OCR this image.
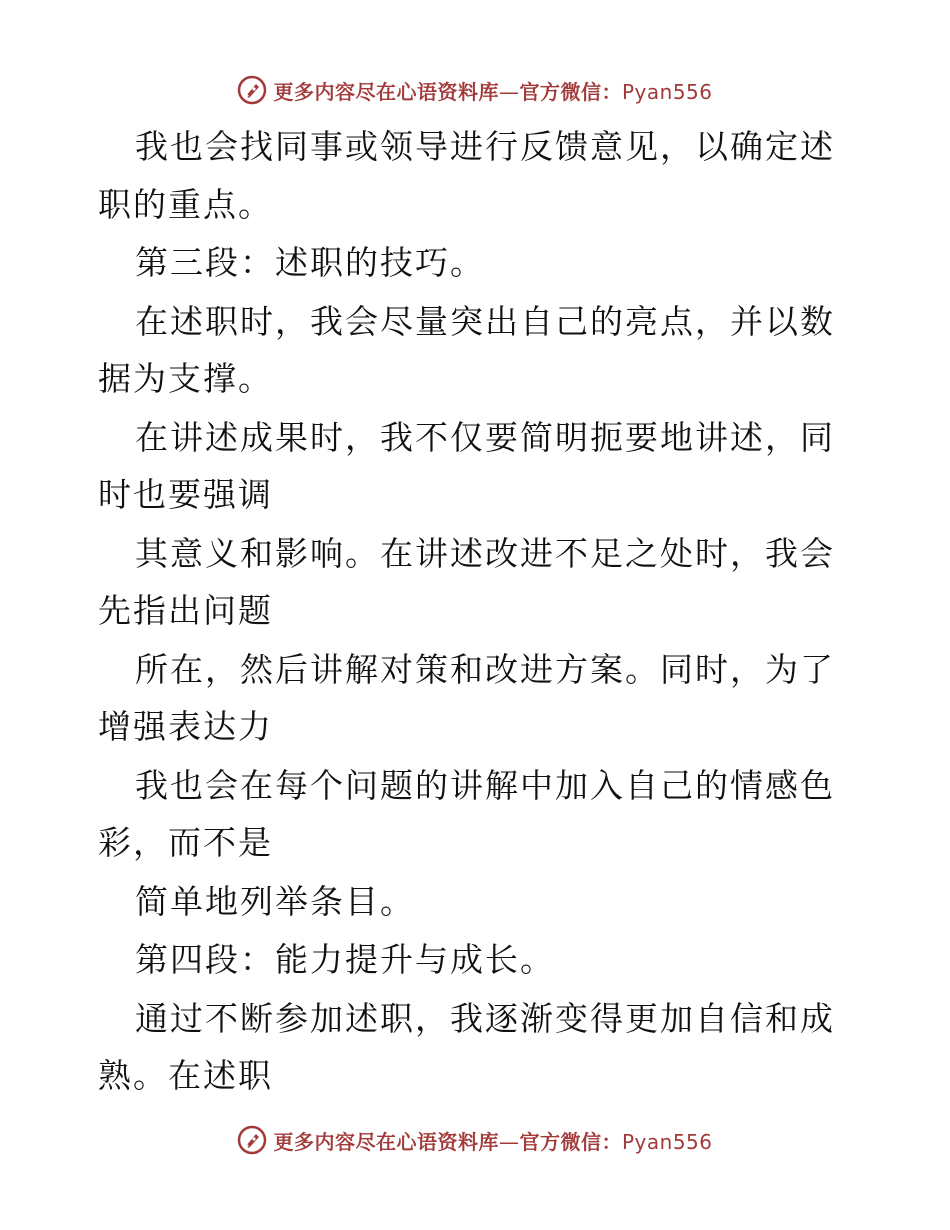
更多内容尽在心语资料库—官方微信：Pyan556

我也会找同事或领导进行反馈意见，以确定述职的重点。

第三段：述职的技巧。

在述职时，我会尽量突出自己的亮点，并以数据为支撑。

在讲述成果时，我不仅要简明扼要地讲述，同时也要强调

其意义和影响。在讲述改进不足之处时，我会先指出问题

所在，然后讲解对策和改进方案。同时，为了增强表达力

我也会在每个问题的讲解中加入自己的情感色彩，而不是

简单地列举条目。

第四段：能力提升与成长。

通过不断参加述职，我逐渐变得更加自信和成熟。在述职

更多内容尽在心语资料库—官方微信：Pyan556
